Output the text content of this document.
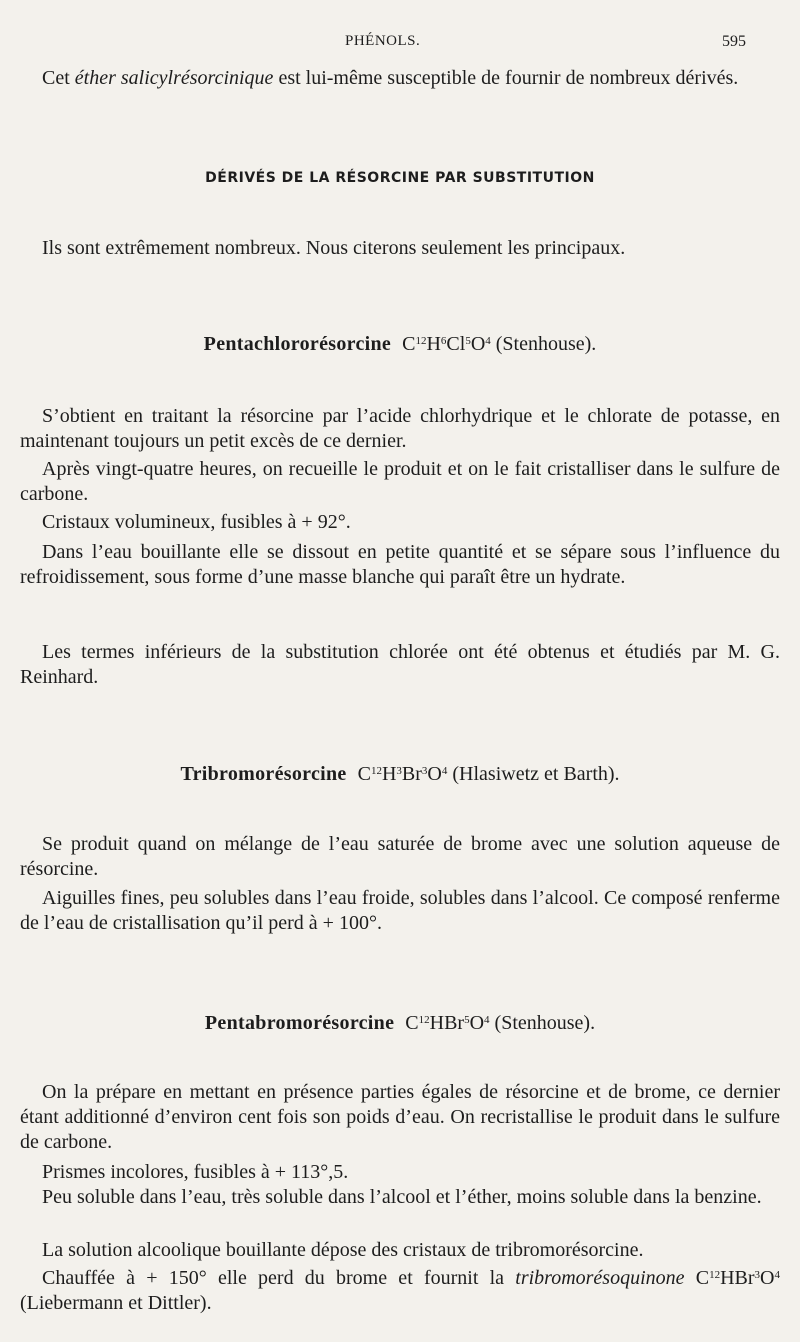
PHÉNOLS.	595
Cet éther salicylrésorcinique est lui-même susceptible de fournir de nombreux dérivés.
DÉRIVÉS DE LA RÉSORCINE PAR SUBSTITUTION
Ils sont extrêmement nombreux. Nous citerons seulement les principaux.
Pentachlororésorcine $C^{12}H^6Cl^5O^4$ (Stenhouse).
S’obtient en traitant la résorcine par l’acide chlorhydrique et le chlorate de potasse, en maintenant toujours un petit excès de ce dernier.
Après vingt-quatre heures, on recueille le produit et on le fait cristalliser dans le sulfure de carbone.
Cristaux volumineux, fusibles à + 92°.
Dans l’eau bouillante elle se dissout en petite quantité et se sépare sous l’influence du refroidissement, sous forme d’une masse blanche qui paraît être un hydrate.
Les termes inférieurs de la substitution chlorée ont été obtenus et étudiés par M. G. Reinhard.
Tribromorésorcine $C^{12}H^3Br^3O^4$ (Hlasiwetz et Barth).
Se produit quand on mélange de l’eau saturée de brome avec une solution aqueuse de résorcine.
Aiguilles fines, peu solubles dans l’eau froide, solubles dans l’alcool. Ce composé renferme de l’eau de cristallisation qu’il perd à + 100°.
Pentabromorésorcine $C^{12}HBr^5O^4$ (Stenhouse).
On la prépare en mettant en présence parties égales de résorcine et de brome, ce dernier étant additionné d’environ cent fois son poids d’eau. On recristallise le produit dans le sulfure de carbone.
Prismes incolores, fusibles à + 113°,5.
Peu soluble dans l’eau, très soluble dans l’alcool et l’éther, moins soluble dans la benzine.
La solution alcoolique bouillante dépose des cristaux de tribromorésorcine.
Chauffée à + 150° elle perd du brome et fournit la tribromorésoquinone $C^{12}HBr^3O^4$ (Liebermann et Dittler).
